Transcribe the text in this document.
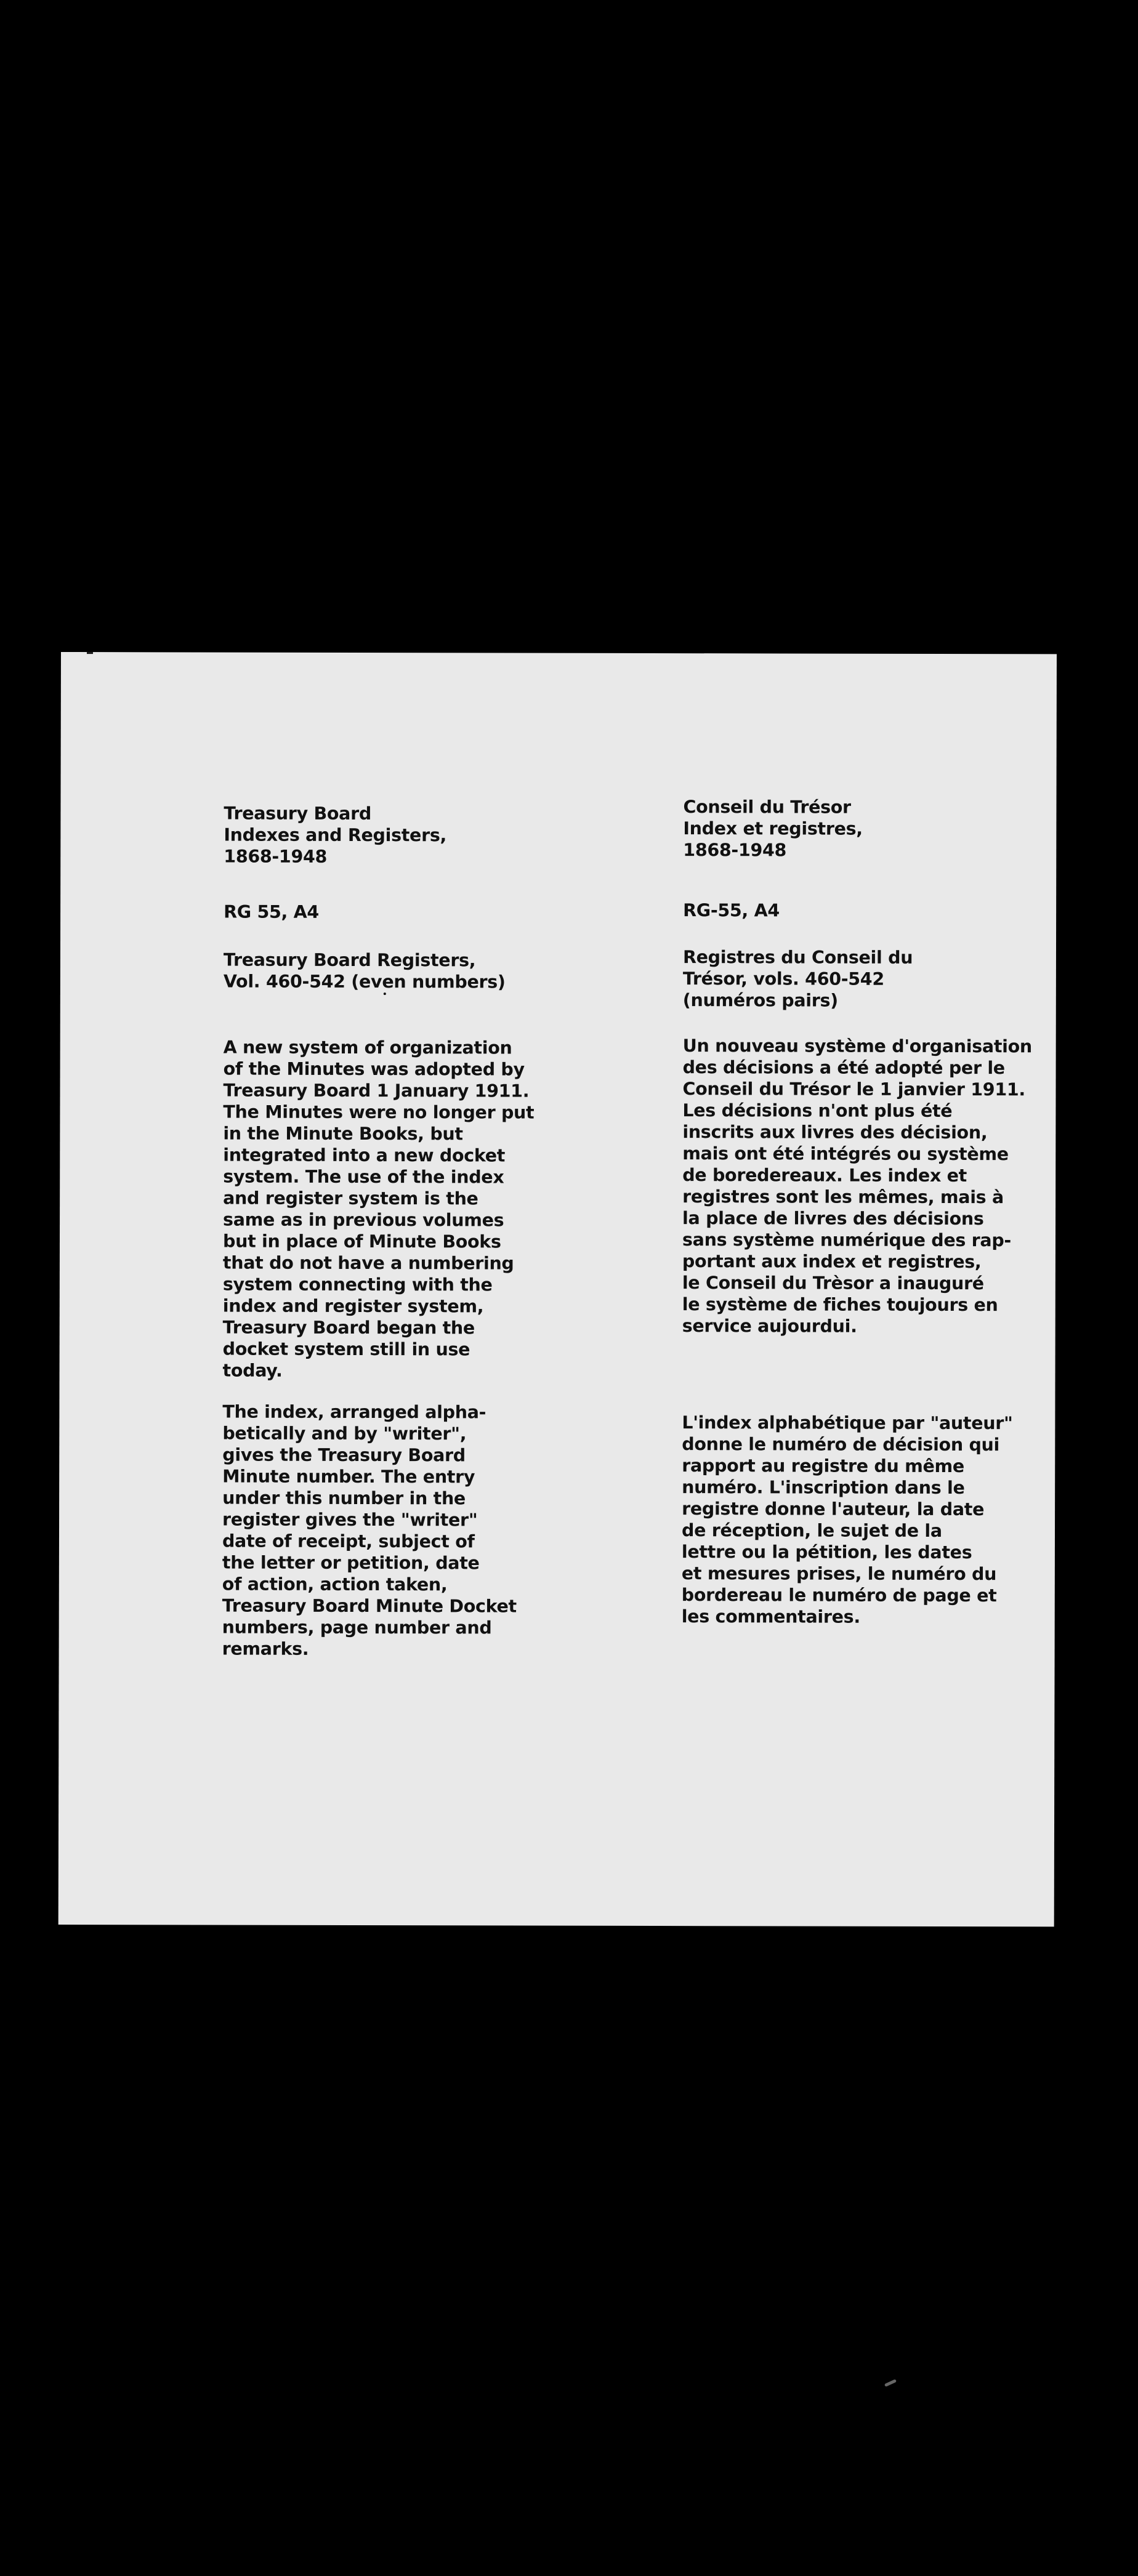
Treasury Board
Indexes and Registers,
1868-1948
RG 55, A4
Treasury Board Registers,
Vol. 460-542 (even numbers)
A new system of organization
of the Minutes was adopted by
Treasury Board 1 January 1911.
The Minutes were no longer put
in the Minute Books, but
integrated into a new docket
system. The use of the index
and register system is the
same as in previous volumes
but in place of Minute Books
that do not have a numbering
system connecting with the
index and register system,
Treasury Board began the
docket system still in use
today.
The index, arranged alpha-
betically and by "writer",
gives the Treasury Board
Minute number. The entry
under this number in the
register gives the "writer"
date of receipt, subject of
the letter or petition, date
of action, action taken,
Treasury Board Minute Docket
numbers, page number and
remarks.
Conseil du Trésor
Index et registres,
1868-1948
RG-55, A4
Registres du Conseil du
Trésor, vols. 460-542
(numéros pairs)
Un nouveau système d'organisation
des décisions a été adopté per le
Conseil du Trésor le 1 janvier 1911.
Les décisions n'ont plus été
inscrits aux livres des décision,
mais ont été intégrés ou système
de boredereaux. Les index et
registres sont les mêmes, mais à
la place de livres des décisions
sans système numérique des rap-
portant aux index et registres,
le Conseil du Trèsor a inauguré
le système de fiches toujours en
service aujourdui.
L'index alphabétique par "auteur"
donne le numéro de décision qui
rapport au registre du même
numéro. L'inscription dans le
registre donne l'auteur, la date
de réception, le sujet de la
lettre ou la pétition, les dates
et mesures prises, le numéro du
bordereau le numéro de page et
les commentaires.
